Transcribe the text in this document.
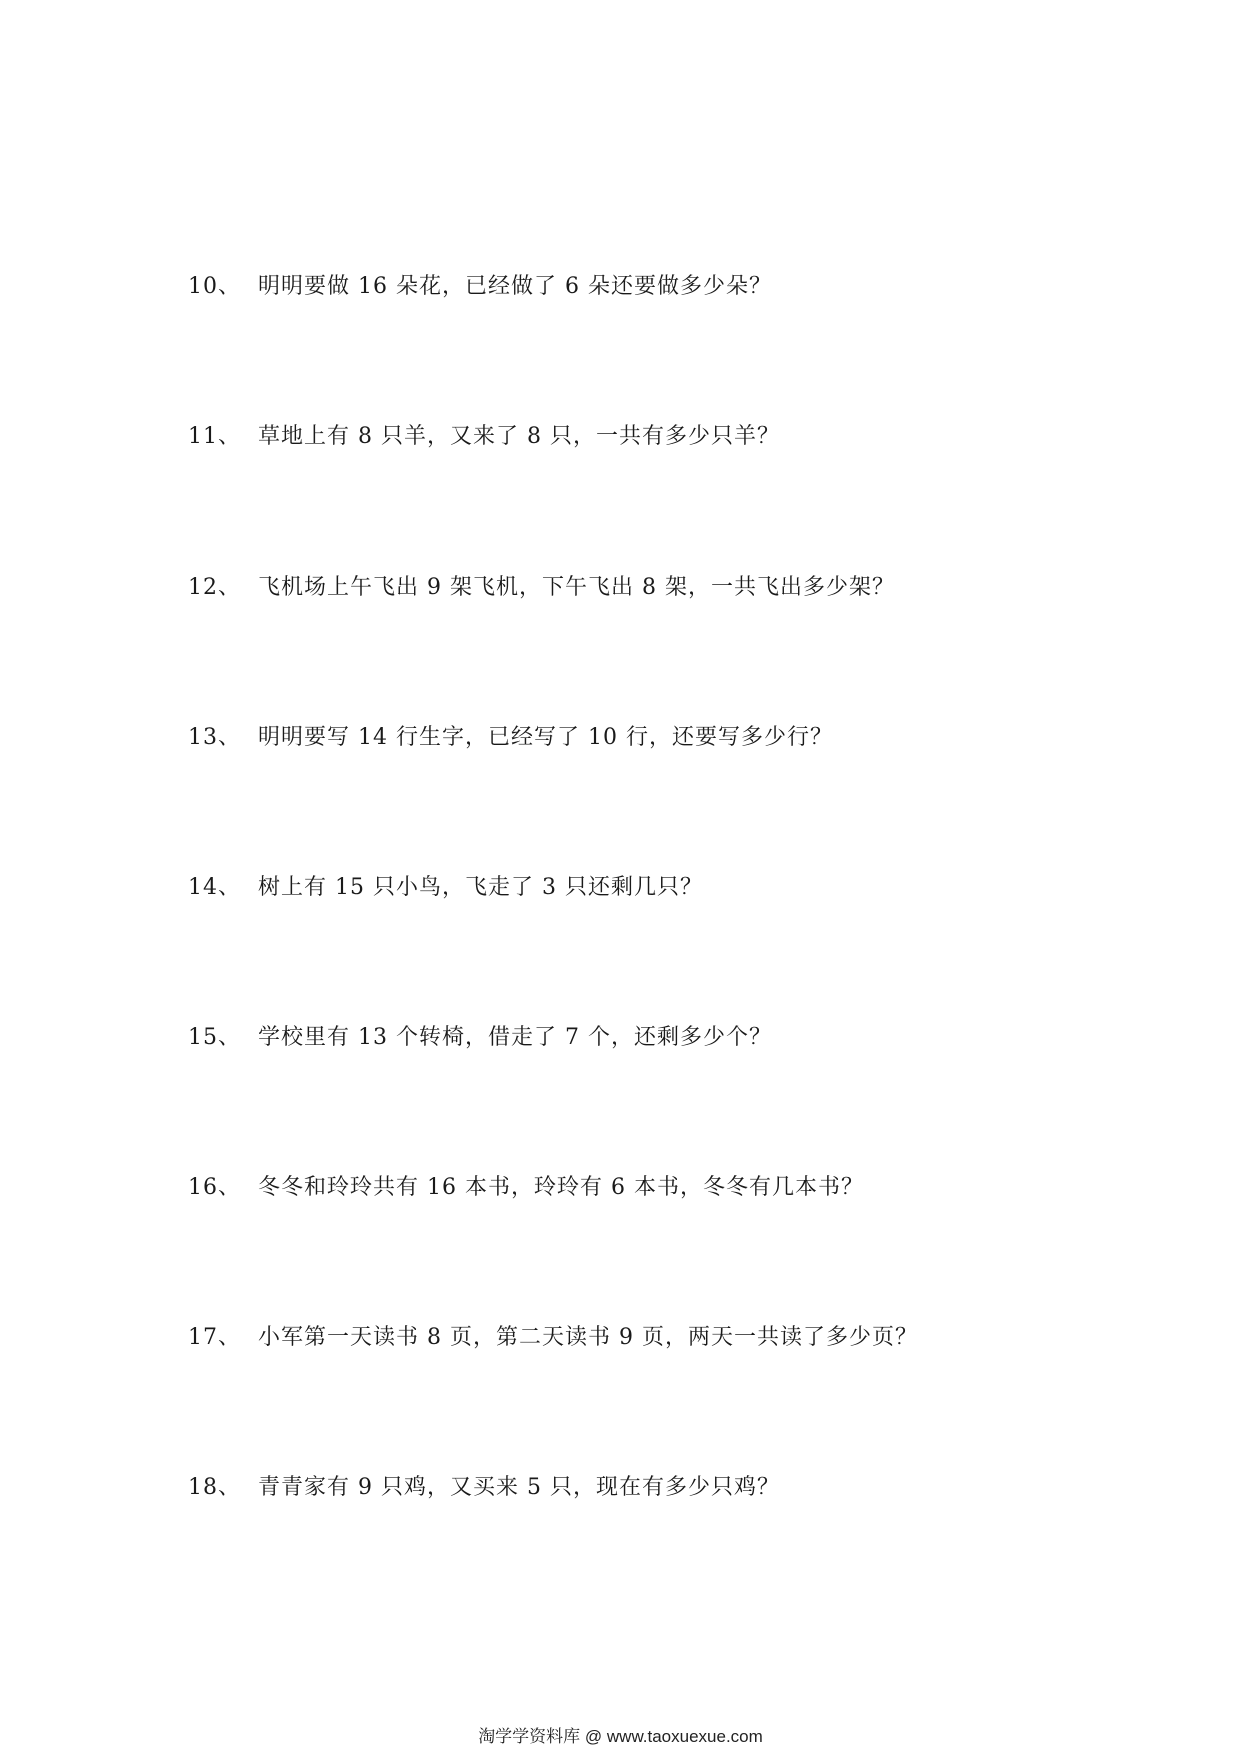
10、 明明要做 16 朵花，已经做了 6 朵还要做多少朵？
11、 草地上有 8 只羊，又来了 8 只，一共有多少只羊？
12、 飞机场上午飞出 9 架飞机，下午飞出 8 架，一共飞出多少架？
13、 明明要写 14 行生字，已经写了 10 行，还要写多少行？
14、 树上有 15 只小鸟，飞走了 3 只还剩几只？
15、 学校里有 13 个转椅，借走了 7 个，还剩多少个？
16、 冬冬和玲玲共有 16 本书，玲玲有 6 本书，冬冬有几本书？
17、 小军第一天读书 8 页，第二天读书 9 页，两天一共读了多少页？
18、 青青家有 9 只鸡，又买来 5 只，现在有多少只鸡？
淘学学资料库 @ www.taoxuexue.com
